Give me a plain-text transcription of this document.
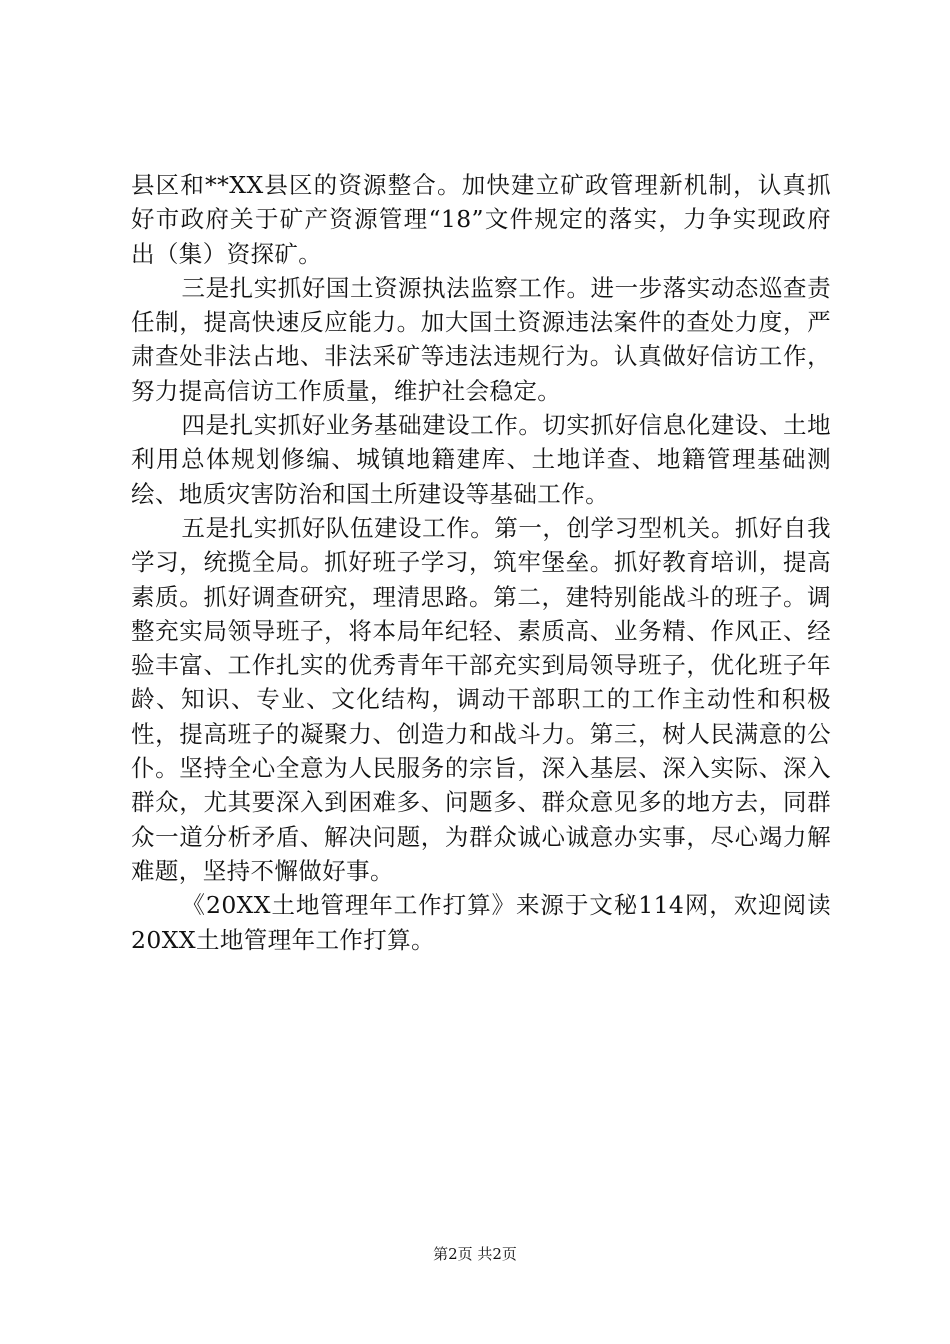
县区和**XX县区的资源整合。加快建立矿政管理新机制，认真抓好市政府关于矿产资源管理“18”文件规定的落实，力争实现政府出（集）资探矿。

三是扎实抓好国土资源执法监察工作。进一步落实动态巡查责任制，提高快速反应能力。加大国土资源违法案件的查处力度，严肃查处非法占地、非法采矿等违法违规行为。认真做好信访工作，努力提高信访工作质量，维护社会稳定。

四是扎实抓好业务基础建设工作。切实抓好信息化建设、土地利用总体规划修编、城镇地籍建库、土地详查、地籍管理基础测绘、地质灾害防治和国土所建设等基础工作。

五是扎实抓好队伍建设工作。第一，创学习型机关。抓好自我学习，统揽全局。抓好班子学习，筑牢堡垒。抓好教育培训，提高素质。抓好调查研究，理清思路。第二，建特别能战斗的班子。调整充实局领导班子，将本局年纪轻、素质高、业务精、作风正、经验丰富、工作扎实的优秀青年干部充实到局领导班子，优化班子年龄、知识、专业、文化结构，调动干部职工的工作主动性和积极性，提高班子的凝聚力、创造力和战斗力。第三，树人民满意的公仆。坚持全心全意为人民服务的宗旨，深入基层、深入实际、深入群众，尤其要深入到困难多、问题多、群众意见多的地方去，同群众一道分析矛盾、解决问题，为群众诚心诚意办实事，尽心竭力解难题，坚持不懈做好事。

《20XX土地管理年工作打算》来源于文秘114网，欢迎阅读20XX土地管理年工作打算。

第2页 共2页
